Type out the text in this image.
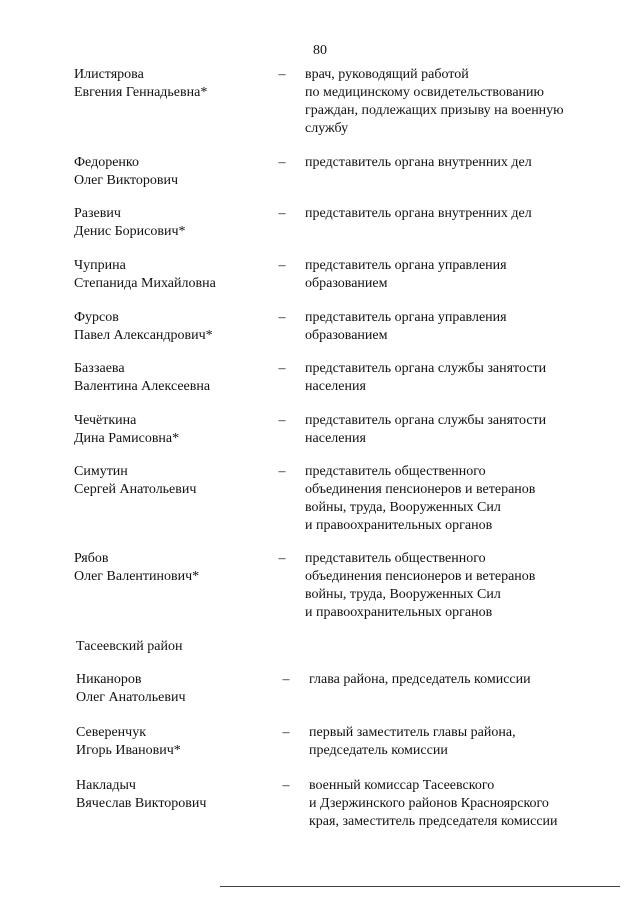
80
Илистярова
Евгения Геннадьевна*
– врач, руководящий работой
по медицинскому освидетельствованию
граждан, подлежащих призыву на военную
службу
Федоренко
Олег Викторович
– представитель органа внутренних дел
Разевич
Денис Борисович*
– представитель органа внутренних дел
Чуприна
Степанида Михайловна
– представитель органа управления
образованием
Фурсов
Павел Александрович*
– представитель органа управления
образованием
Баззаева
Валентина Алексеевна
– представитель органа службы занятости
населения
Чечёткина
Дина Рамисовна*
– представитель органа службы занятости
населения
Симутин
Сергей Анатольевич
– представитель общественного
объединения пенсионеров и ветеранов
войны, труда, Вооруженных Сил
и правоохранительных органов
Рябов
Олег Валентинович*
– представитель общественного
объединения пенсионеров и ветеранов
войны, труда, Вооруженных Сил
и правоохранительных органов
Тасеевский район
Никаноров
Олег Анатольевич
– глава района, председатель комиссии
Северенчук
Игорь Иванович*
– первый заместитель главы района,
председатель комиссии
Накладыч
Вячеслав Викторович
– военный комиссар Тасеевского
и Дзержинского районов Красноярского
края, заместитель председателя комиссии
